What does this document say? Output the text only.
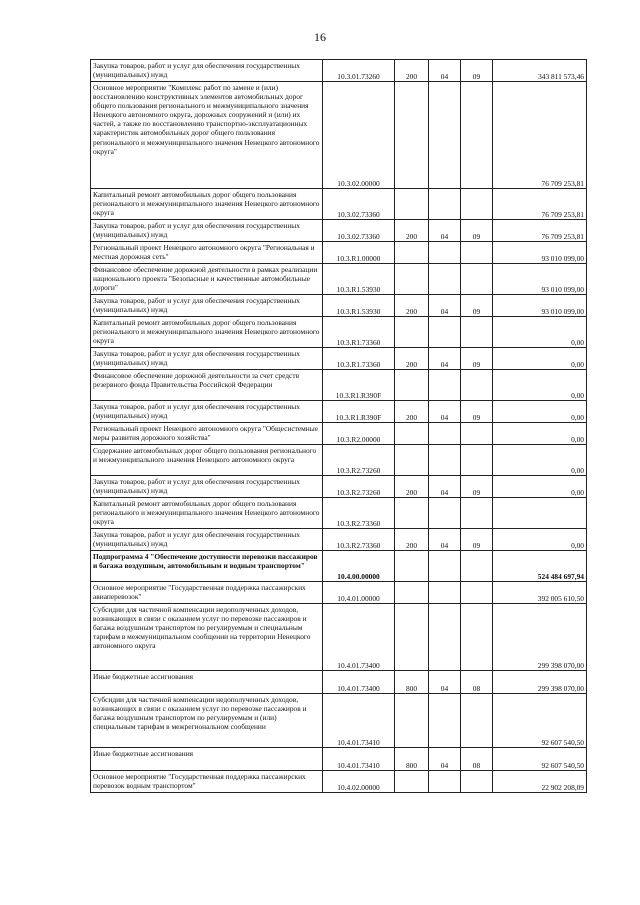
16
Закупка товаров, работ и услуг для обеспечения государственных (муниципальных) нужд	10.3.01.73260	200	04	09	343 811 573,46

Основное мероприятие "Комплекс работ по замене и (или) восстановлению конструктивных элементов автомобильных дорог общего пользования регионального и межмуниципального значения Ненецкого автономного округа, дорожных сооружений и (или) их частей, а также по восстановлению транспортно-эксплуатационных характеристик автомобильных дорог общего пользования регионального и межмуниципального значения Ненецкого автономного округа"	10.3.02.00000				76 709 253,81

Капитальный ремонт автомобильных дорог общего пользования регионального и межмуниципального значения Ненецкого автономного округа	10.3.02.73360				76 709 253,81

Закупка товаров, работ и услуг для обеспечения государственных (муниципальных) нужд	10.3.02.73360	200	04	09	76 709 253,81

Региональный проект Ненецкого автономного округа "Региональная и местная дорожная сеть"	10.3.R1.00000				93 010 099,00

Финансовое обеспечение дорожной деятельности в рамках реализации национального проекта "Безопасные и качественные автомобильные дороги"	10.3.R1.53930				93 010 099,00

Закупка товаров, работ и услуг для обеспечения государственных (муниципальных) нужд	10.3.R1.53930	200	04	09	93 010 099,00

Капитальный ремонт автомобильных дорог общего пользования регионального и межмуниципального значения Ненецкого автономного округа	10.3.R1.73360				0,00

Закупка товаров, работ и услуг для обеспечения государственных (муниципальных) нужд	10.3.R1.73360	200	04	09	0,00

Финансовое обеспечение дорожной деятельности за счет средств резервного фонда Правительства Российской Федерации	10.3.R1.R390F				0,00

Закупка товаров, работ и услуг для обеспечения государственных (муниципальных) нужд	10.3.R1.R390F	200	04	09	0,00

Региональный проект Ненецкого автономного округа "Общесистемные меры развития дорожного хозяйства"	10.3.R2.00000				0,00

Содержание автомобильных дорог общего пользования регионального и межмуниципального значения Ненецкого автономного округа	10.3.R2.73260				0,00

Закупка товаров, работ и услуг для обеспечения государственных (муниципальных) нужд	10.3.R2.73260	200	04	09	0,00

Капитальный ремонт автомобильных дорог общего пользования регионального и межмуниципального значения Ненецкого автономного округа	10.3.R2.73360				

Закупка товаров, работ и услуг для обеспечения государственных (муниципальных) нужд	10.3.R2.73360	200	04	09	0,00

Подпрограмма 4 "Обеспечение доступности перевозки пассажиров и багажа воздушным, автомобильным и водным транспортом"	10.4.00.00000				524 484 697,94

Основное мероприятие "Государственная поддержка пассажирских авиаперевозок"	10.4.01.00000				392 005 610,50

Субсидии для частичной компенсации недополученных доходов, возникающих в связи с оказанием услуг по перевозке пассажиров и багажа воздушным транспортом по регулируемым и специальным тарифам в межмуниципальном сообщении на территории Ненецкого автономного округа	10.4.01.73400				299 398 070,00

Иные бюджетные ассигнования	10.4.01.73400	800	04	08	299 398 070,00

Субсидии для частичной компенсации недополученных доходов, возникающих в связи с оказанием услуг по перевозке пассажиров и багажа воздушным транспортом по регулируемым и (или) специальным тарифам в межрегиональном сообщении	10.4.01.73410				92 607 540,50

Иные бюджетные ассигнования	10.4.01.73410	800	04	08	92 607 540,50

Основное мероприятие "Государственная поддержка пассажирских перевозок водным транспортом"	10.4.02.00000				22 902 208,09
